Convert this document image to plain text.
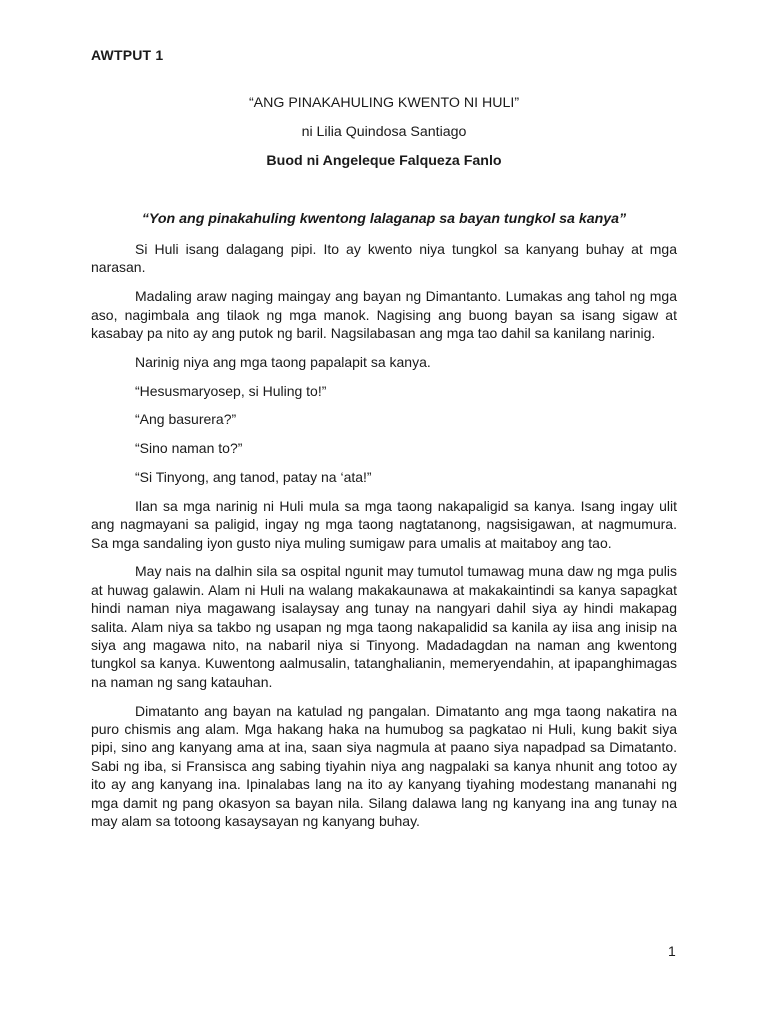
AWTPUT 1
“ANG PINAKAHULING KWENTO NI HULI”
ni Lilia Quindosa Santiago
Buod ni Angeleque Falqueza Fanlo
“Yon ang pinakahuling kwentong lalaganap sa bayan tungkol sa kanya”

Si Huli isang dalagang pipi. Ito ay kwento niya tungkol sa kanyang buhay at mga narasan.

Madaling araw naging maingay ang bayan ng Dimantanto. Lumakas ang tahol ng mga aso, nagimbala ang tilaok ng mga manok. Nagising ang buong bayan sa isang sigaw at kasabay pa nito ay ang putok ng baril. Nagsilabasan ang mga tao dahil sa kanilang narinig.

Narinig niya ang mga taong papalapit sa kanya.

“Hesusmaryosep, si Huling to!”

“Ang basurera?”

“Sino naman to?”

“Si Tinyong, ang tanod, patay na ‘ata!”

Ilan sa mga narinig ni Huli mula sa mga taong nakapaligid sa kanya. Isang ingay ulit ang nagmayani sa paligid, ingay ng mga taong nagtatanong, nagsisigawan, at nagmumura. Sa mga sandaling iyon gusto niya muling sumigaw para umalis at maitaboy ang tao.

May nais na dalhin sila sa ospital ngunit may tumutol tumawag muna daw ng mga pulis at huwag galawin. Alam ni Huli na walang makakaunawa at makakaintindi sa kanya sapagkat hindi naman niya magawang isalaysay ang tunay na nangyari dahil siya ay hindi makapag salita. Alam niya sa takbo ng usapan ng mga taong nakapalidid sa kanila ay iisa ang inisip na siya ang magawa nito, na nabaril niya si Tinyong. Madadagdan na naman ang kwentong tungkol sa kanya. Kuwentong aalmusalin, tatanghalianin, memeryendahin, at ipapanghimagas na naman ng sang katauhan.

Dimatanto ang bayan na katulad ng pangalan. Dimatanto ang mga taong nakatira na puro chismis ang alam. Mga hakang haka na humubog sa pagkatao ni Huli, kung bakit siya pipi, sino ang kanyang ama at ina, saan siya nagmula at paano siya napadpad sa Dimatanto. Sabi ng iba, si Fransisca ang sabing tiyahin niya ang nagpalaki sa kanya nhunit ang totoo ay ito ay ang kanyang ina. Ipinalabas lang na ito ay kanyang tiyahing modestang mananahi ng mga damit ng pang okasyon sa bayan nila. Silang dalawa lang ng kanyang ina ang tunay na may alam sa totoong kasaysayan ng kanyang buhay.

1
